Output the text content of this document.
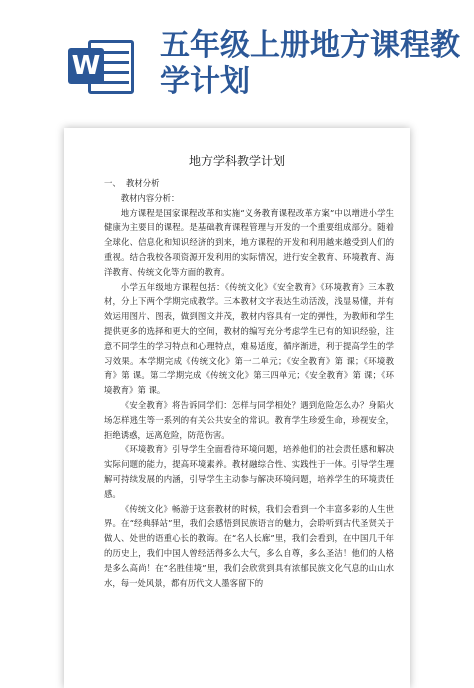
W
五年级上册地方课程教学计划
地方学科教学计划

一、 教材分析

教材内容分析：

地方课程是国家课程改革和实施“义务教育课程改革方案”中以增进小学生健康为主要目的课程。是基础教育课程管理与开发的一个重要组成部分。随着全球化、信息化和知识经济的到来，地方课程的开发和利用越来越受到人们的重视。结合我校各项资源开发利用的实际情况，进行安全教育、环境教育、海洋教育、传统文化等方面的教育。

小学五年级地方课程包括：《传统文化》《安全教育》《环境教育》三本教材，分上下两个学期完成教学。三本教材文字表达生动活泼，浅显易懂，并有效运用图片、图表，做到图文并茂，教材内容具有一定的弹性，为教师和学生提供更多的选择和更大的空间，教材的编写充分考虑学生已有的知识经验，注意不同学生的学习特点和心理特点，难易适度，循序渐进，利于提高学生的学习效果。本学期完成《传统文化》第一二单元；《安全教育》第 课；《环境教育》第 课。第二学期完成《传统文化》第三四单元；《安全教育》第 课；《环境教育》第 课。

《安全教育》将告诉同学们：怎样与同学相处？遇到危险怎么办？身陷火场怎样逃生等一系列的有关公共安全的常识。教育学生珍爱生命，珍视安全，拒绝诱惑，远离危险，防范伤害。

《环境教育》引导学生全面看待环境问题，培养他们的社会责任感和解决实际问题的能力，提高环境素养。教材融综合性、实践性于一体。引导学生理解可持续发展的内涵，引导学生主动参与解决环境问题，培养学生的环境责任感。

《传统文化》畅游于这套教材的时候，我们会看到一个丰富多彩的人生世界。在“经典驿站”里，我们会感悟到民族语言的魅力，会聆听到古代圣贤关于做人、处世的语重心长的教诲。在“名人长廊”里，我们会看到，在中国几千年的历史上，我们中国人曾经活得多么大气，多么自尊，多么圣洁！他们的人格是多么高尚！在“名胜佳境”里，我们会欣赏到具有浓郁民族文化气息的山山水水，每一处风景，都有历代文人墨客留下的
